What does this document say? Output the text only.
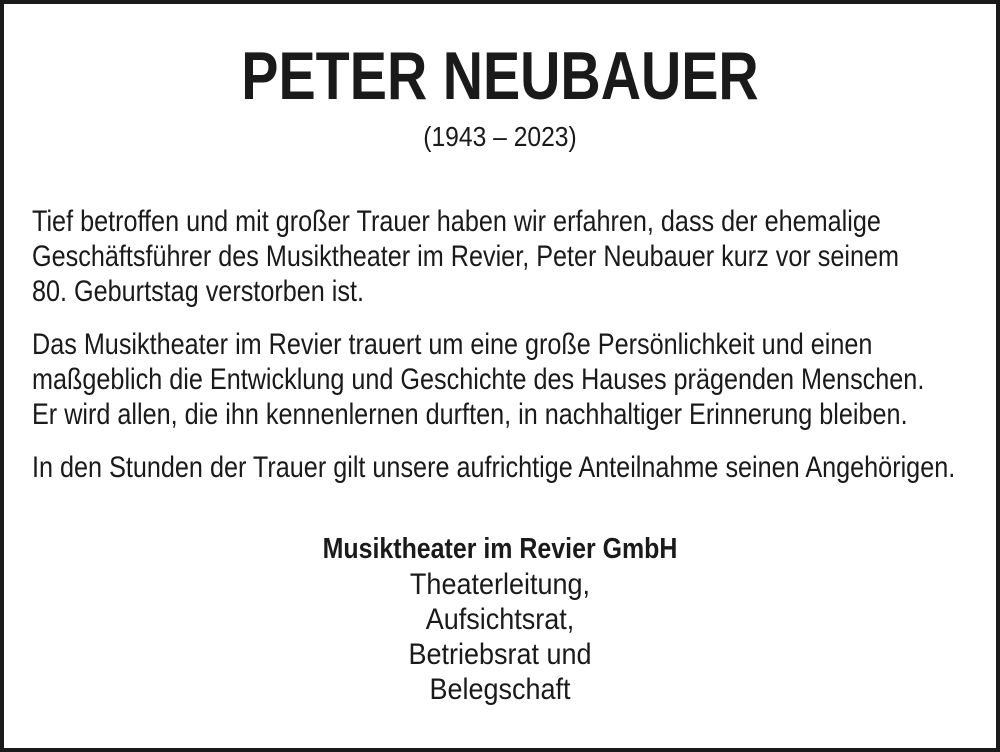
PETER NEUBAUER
(1943 – 2023)
Tief betroffen und mit großer Trauer haben wir erfahren, dass der ehemalige
Geschäftsführer des Musiktheater im Revier, Peter Neubauer kurz vor seinem
80. Geburtstag verstorben ist.
Das Musiktheater im Revier trauert um eine große Persönlichkeit und einen
maßgeblich die Entwicklung und Geschichte des Hauses prägenden Menschen.
Er wird allen, die ihn kennenlernen durften, in nachhaltiger Erinnerung bleiben.
In den Stunden der Trauer gilt unsere aufrichtige Anteilnahme seinen Angehörigen.
Musiktheater im Revier GmbH
Theaterleitung,
Aufsichtsrat,
Betriebsrat und
Belegschaft
